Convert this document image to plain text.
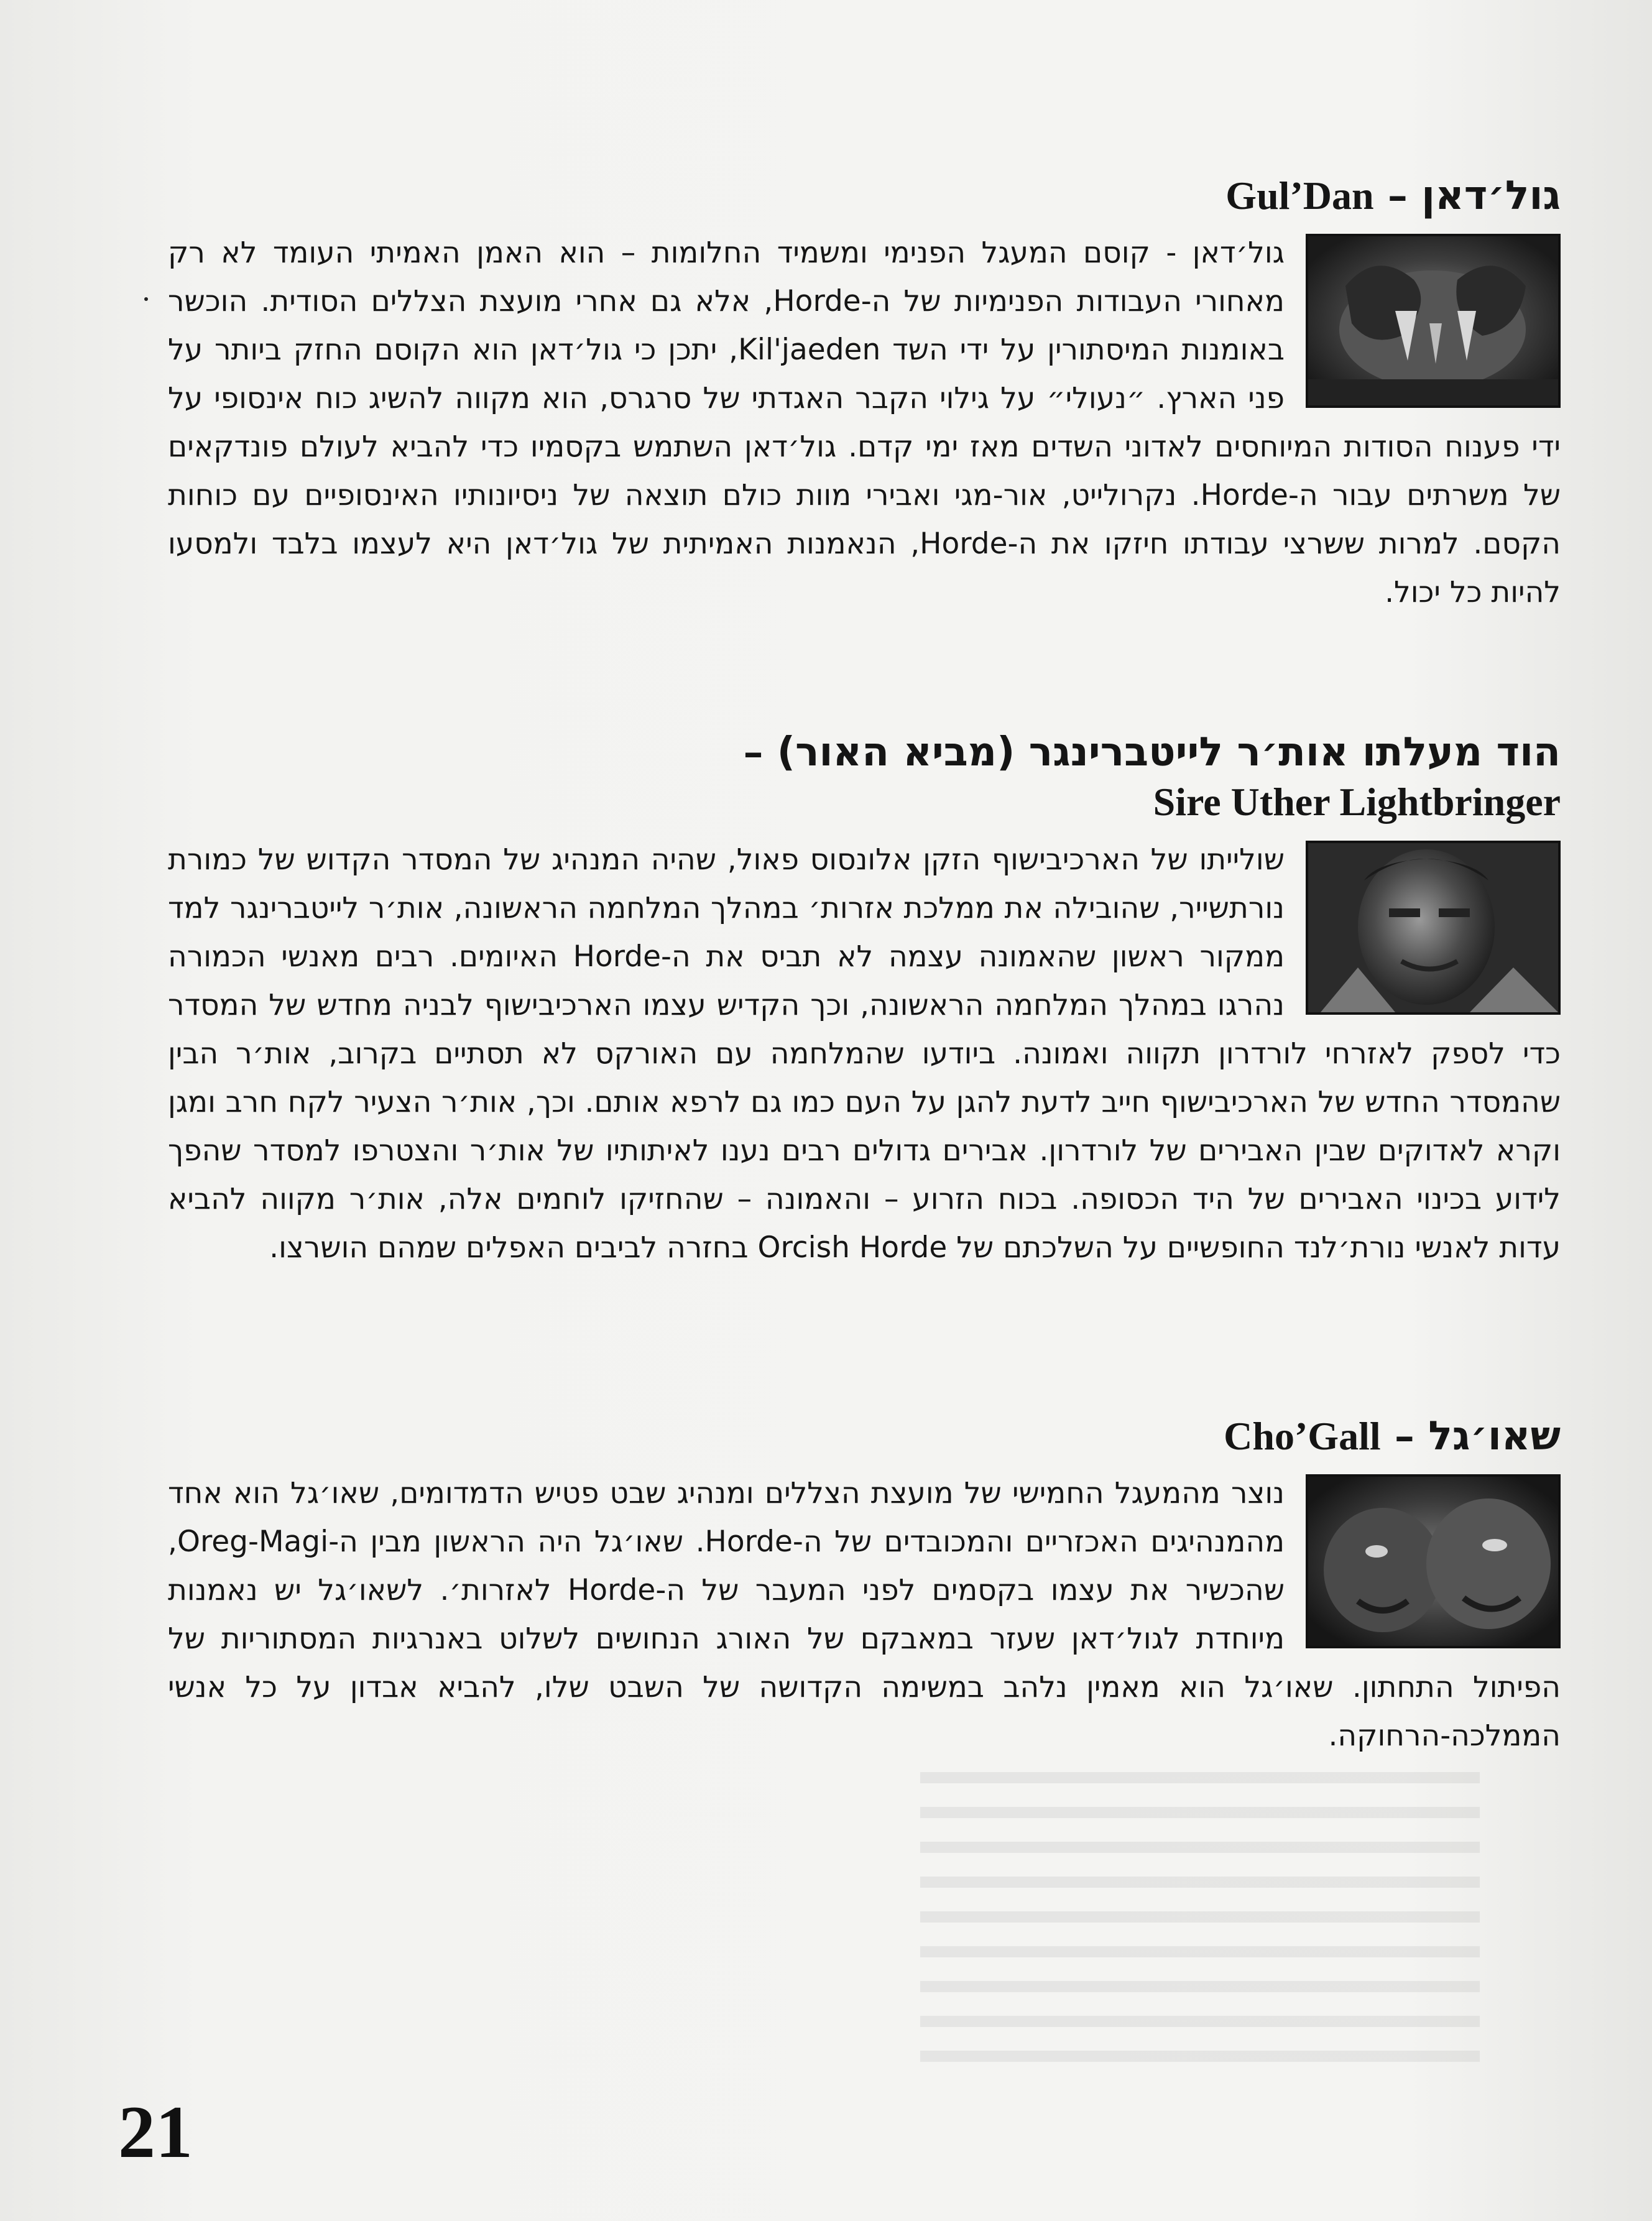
Gul’Dan – גול׳דאן

גול׳דאן - קוסם המעגל הפנימי ומשמיד החלומות – הוא האמן האמיתי העומד לא רק מאחורי העבודות הפנימיות של ה-Horde, אלא גם אחרי מועצת הצללים הסודית. הוכשר באומנות המיסתורין על ידי השד Kil'jaeden, יתכן כי גול׳דאן הוא הקוסם החזק ביותר על פני הארץ. ״נעולי״ על גילוי הקבר האגדתי של סרגרס, הוא מקווה להשיג כוח אינסופי על ידי פענוח הסודות המיוחסים לאדוני השדים מאז ימי קדם. גול׳דאן השתמש בקסמיו כדי להביא לעולם פונדקאים של משרתים עבור ה-Horde. נקרולייט, אור-מגי ואבירי מוות כולם תוצאה של ניסיונותיו האינסופיים עם כוחות הקסם. למרות ששרצי עבודתו חיזקו את ה-Horde, הנאמנות האמיתית של גול׳דאן היא לעצמו בלבד ולמסעו להיות כל יכול.

– הוד מעלתו אות׳ר לייטברינגר (מביא האור)
Sire Uther Lightbringer

שולייתו של הארכיבישוף הזקן אלונסוס פאול, שהיה המנהיג של המסדר הקדוש של כמורת נורתשייר, שהובילה את ממלכת אזרות׳ במהלך המלחמה הראשונה, אות׳ר לייטברינגר למד ממקור ראשון שהאמונה עצמה לא תביס את ה-Horde האיומים. רבים מאנשי הכמורה נהרגו במהלך המלחמה הראשונה, וכך הקדיש עצמו הארכיבישוף לבניה מחדש של המסדר כדי לספק לאזרחי לורדרון תקווה ואמונה. ביודעו שהמלחמה עם האורקס לא תסתיים בקרוב, אות׳ר הבין שהמסדר החדש של הארכיבישוף חייב לדעת להגן על העם כמו גם לרפא אותם. וכך, אות׳ר הצעיר לקח חרב ומגן וקרא לאדוקים שבין האבירים של לורדרון. אבירים גדולים רבים נענו לאיתותיו של אות׳ר והצטרפו למסדר שהפך לידוע בכינוי האבירים של היד הכסופה. בכוח הזרוע – והאמונה – שהחזיקו לוחמים אלה, אות׳ר מקווה להביא עדות לאנשי נורת׳לנד החופשיים על השלכתם של Orcish Horde בחזרה לביבים האפלים שמהם הושרצו.

Cho’Gall – שאו׳גל

נוצר מהמעגל החמישי של מועצת הצללים ומנהיג שבט פטיש הדמדומים, שאו׳גל הוא אחד מהמנהיגים האכזריים והמכובדים של ה-Horde. שאו׳גל היה הראשון מבין ה-Oreg-Magi, שהכשיר את עצמו בקסמים לפני המעבר של ה-Horde לאזרות׳. לשאו׳גל יש נאמנות מיוחדת לגול׳דאן שעזר במאבקם של האורג הנחושים לשלוט באנרגיות המסתוריות של הפיתול התחתון. שאו׳גל הוא מאמין נלהב במשימה הקדושה של השבט שלו, להביא אבדון על כל אנשי הממלכה-הרחוקה.

21
